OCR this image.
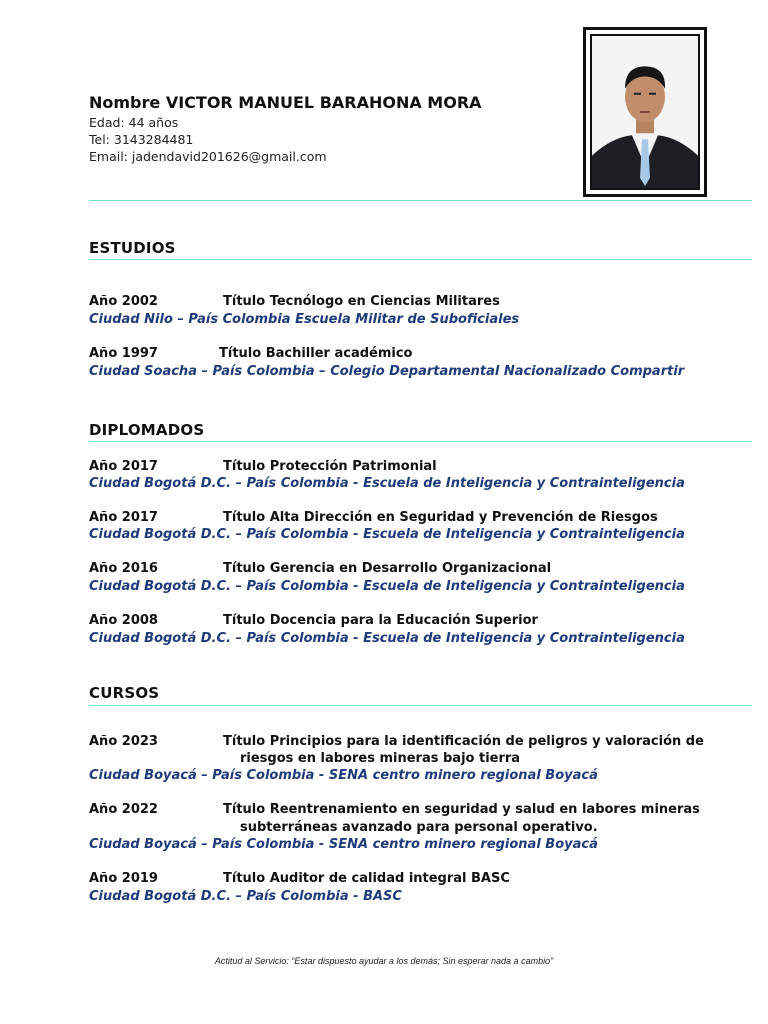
Nombre VICTOR MANUEL BARAHONA MORA
Edad: 44 años
Tel: 3143284481
Email: jadendavid201626@gmail.com
ESTUDIOS
Año 2002	Título Tecnólogo en Ciencias Militares
Ciudad Nilo – País Colombia Escuela Militar de Suboficiales
Año 1997	Título Bachiller académico
Ciudad Soacha – País Colombia – Colegio Departamental Nacionalizado Compartir
DIPLOMADOS
Año 2017	Título Protección Patrimonial
Ciudad Bogotá D.C. – País Colombia - Escuela de Inteligencia y Contrainteligencia
Año 2017	Título Alta Dirección en Seguridad y Prevención de Riesgos
Ciudad Bogotá D.C. – País Colombia - Escuela de Inteligencia y Contrainteligencia
Año 2016	Título Gerencia en Desarrollo Organizacional
Ciudad Bogotá D.C. – País Colombia - Escuela de Inteligencia y Contrainteligencia
Año 2008	Título Docencia para la Educación Superior
Ciudad Bogotá D.C. – País Colombia - Escuela de Inteligencia y Contrainteligencia
CURSOS
Año 2023	Título Principios para la identificación de peligros y valoración de
riesgos en labores mineras bajo tierra
Ciudad Boyacá – País Colombia - SENA centro minero regional Boyacá
Año 2022	Título Reentrenamiento en seguridad y salud en labores mineras
subterráneas avanzado para personal operativo.
Ciudad Boyacá – País Colombia - SENA centro minero regional Boyacá
Año 2019	Título Auditor de calidad integral BASC
Ciudad Bogotá D.C. – País Colombia - BASC
Actitud al Servicio: “Estar dispuesto ayudar a los demás; Sin esperar nada a cambio”
